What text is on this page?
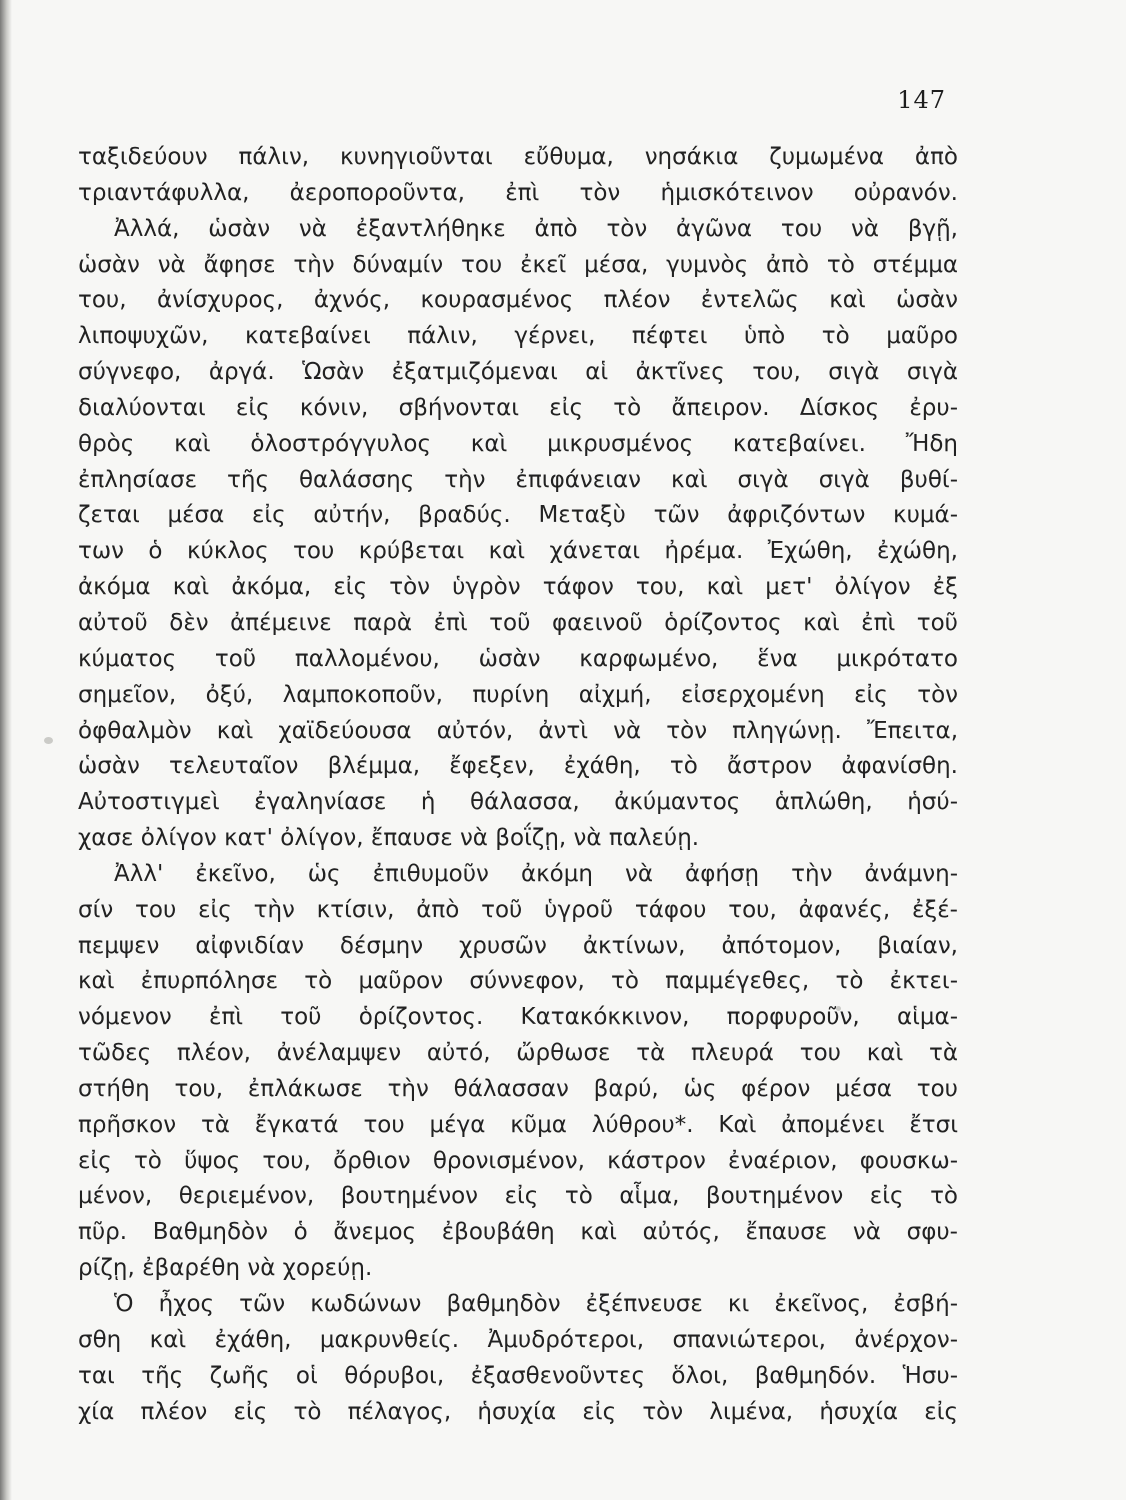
147
ταξιδεύουν πάλιν, κυνηγιοῦνται εὔθυμα, νησάκια ζυμωμένα ἀπὸ
τριαντάφυλλα, ἀεροποροῦντα, ἐπὶ τὸν ἡμισκότεινον οὐρανόν.
Ἀλλά, ὡσὰν νὰ ἐξαντλήθηκε ἀπὸ τὸν ἀγῶνα του νὰ βγῇ,
ὡσὰν νὰ ἄφησε τὴν δύναμίν του ἐκεῖ μέσα, γυμνὸς ἀπὸ τὸ στέμμα
του, ἀνίσχυρος, ἀχνός, κουρασμένος πλέον ἐντελῶς καὶ ὡσὰν
λιποψυχῶν, κατεβαίνει πάλιν, γέρνει, πέφτει ὑπὸ τὸ μαῦρο
σύγνεφο, ἀργά. Ὡσὰν ἐξατμιζόμεναι αἱ ἀκτῖνες του, σιγὰ σιγὰ
διαλύονται εἰς κόνιν, σβήνονται εἰς τὸ ἄπειρον. Δίσκος ἐρυ-
θρὸς καὶ ὁλοστρόγγυλος καὶ μικρυσμένος κατεβαίνει. Ἤδη
ἐπλησίασε τῆς θαλάσσης τὴν ἐπιφάνειαν καὶ σιγὰ σιγὰ βυθί-
ζεται μέσα εἰς αὐτήν, βραδύς. Μεταξὺ τῶν ἀφριζόντων κυμά-
των ὁ κύκλος του κρύβεται καὶ χάνεται ἠρέμα. Ἐχώθη, ἐχώθη,
ἀκόμα καὶ ἀκόμα, εἰς τὸν ὑγρὸν τάφον του, καὶ μετ' ὀλίγον ἐξ
αὐτοῦ δὲν ἀπέμεινε παρὰ ἐπὶ τοῦ φαεινοῦ ὁρίζοντος καὶ ἐπὶ τοῦ
κύματος τοῦ παλλομένου, ὡσὰν καρφωμένο, ἕνα μικρότατο
σημεῖον, ὀξύ, λαμποκοποῦν, πυρίνη αἰχμή, εἰσερχομένη εἰς τὸν
ὀφθαλμὸν καὶ χαϊδεύουσα αὐτόν, ἀντὶ νὰ τὸν πληγώνῃ. Ἔπειτα,
ὡσὰν τελευταῖον βλέμμα, ἔφεξεν, ἐχάθη, τὸ ἄστρον ἀφανίσθη.
Αὐτοστιγμεὶ ἐγαληνίασε ἡ θάλασσα, ἀκύμαντος ἁπλώθη, ἡσύ-
χασε ὀλίγον κατ' ὀλίγον, ἔπαυσε νὰ βοΐζῃ, νὰ παλεύῃ.
Ἀλλ' ἐκεῖνο, ὡς ἐπιθυμοῦν ἀκόμη νὰ ἀφήσῃ τὴν ἀνάμνη-
σίν του εἰς τὴν κτίσιν, ἀπὸ τοῦ ὑγροῦ τάφου του, ἀφανές, ἐξέ-
πεμψεν αἰφνιδίαν δέσμην χρυσῶν ἀκτίνων, ἀπότομον, βιαίαν,
καὶ ἐπυρπόλησε τὸ μαῦρον σύννεφον, τὸ παμμέγεθες, τὸ ἐκτει-
νόμενον ἐπὶ τοῦ ὁρίζοντος. Κατακόκκινον, πορφυροῦν, αἱμα-
τῶδες πλέον, ἀνέλαμψεν αὐτό, ὤρθωσε τὰ πλευρά του καὶ τὰ
στήθη του, ἐπλάκωσε τὴν θάλασσαν βαρύ, ὡς φέρον μέσα του
πρῆσκον τὰ ἔγκατά του μέγα κῦμα λύθρου*. Καὶ ἀπομένει ἔτσι
εἰς τὸ ὕψος του, ὄρθιον θρονισμένον, κάστρον ἐναέριον, φουσκω-
μένον, θεριεμένον, βουτημένον εἰς τὸ αἷμα, βουτημένον εἰς τὸ
πῦρ. Βαθμηδὸν ὁ ἄνεμος ἐβουβάθη καὶ αὐτός, ἔπαυσε νὰ σφυ-
ρίζῃ, ἐβαρέθη νὰ χορεύῃ.
Ὁ ἦχος τῶν κωδώνων βαθμηδὸν ἐξέπνευσε κι ἐκεῖνος, ἐσβή-
σθη καὶ ἐχάθη, μακρυνθείς. Ἀμυδρότεροι, σπανιώτεροι, ἀνέρχον-
ται τῆς ζωῆς οἱ θόρυβοι, ἐξασθενοῦντες ὅλοι, βαθμηδόν. Ἡσυ-
χία πλέον εἰς τὸ πέλαγος, ἡσυχία εἰς τὸν λιμένα, ἡσυχία εἰς
